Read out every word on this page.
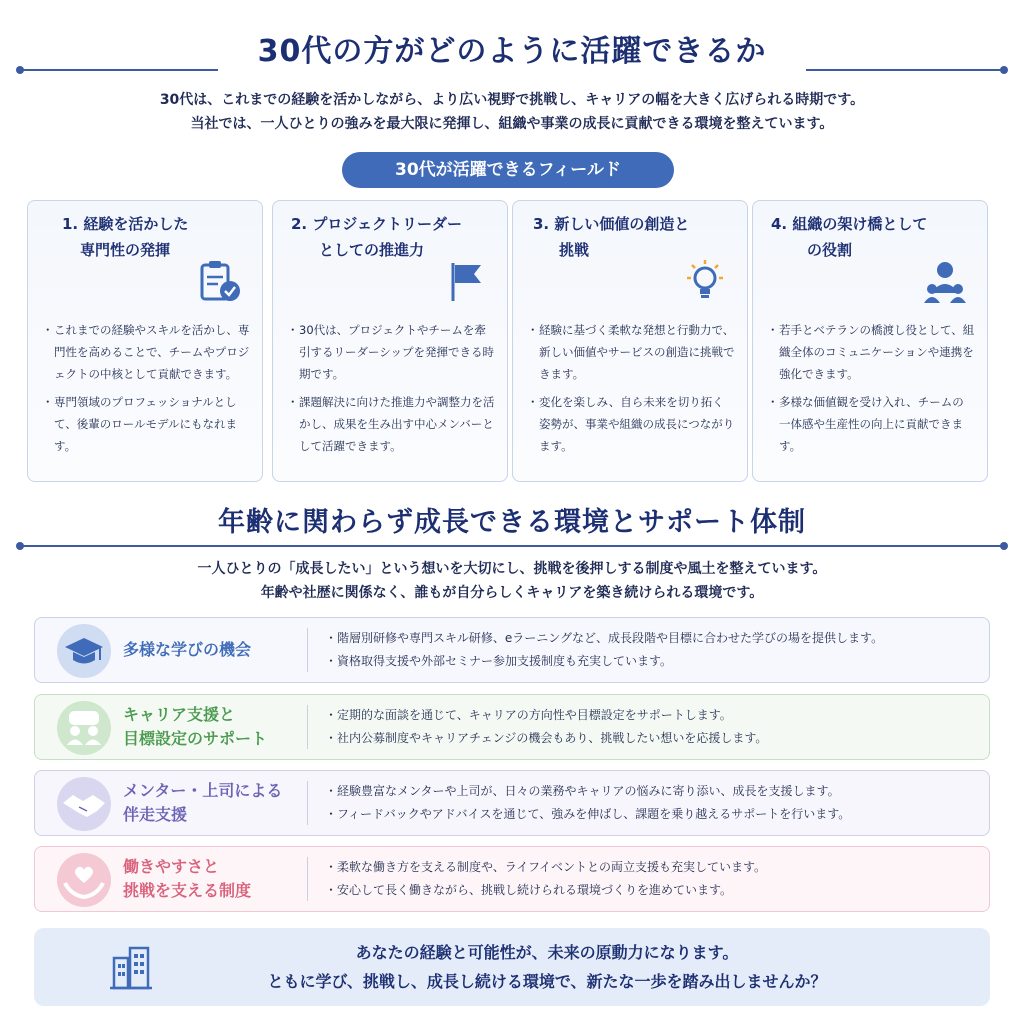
30代の方がどのように活躍できるか
30代は、これまでの経験を活かしながら、より広い視野で挑戦し、キャリアの幅を大きく広げられる時期です。
当社では、一人ひとりの強みを最大限に発揮し、組織や事業の成長に貢献できる環境を整えています。
30代が活躍できるフィールド
1. 経験を活かした
専門性の発揮
・ これまでの経験やスキルを活かし、専門性を高めることで、チームやプロジェクトの中核として貢献できます。
・ 専門領域のプロフェッショナルとして、後輩のロールモデルにもなれます。
2. プロジェクトリーダー
としての推進力
・ 30代は、プロジェクトやチームを牽引するリーダーシップを発揮できる時期です。
・ 課題解決に向けた推進力や調整力を活かし、成果を生み出す中心メンバーとして活躍できます。
3. 新しい価値の創造と
挑戦
・ 経験に基づく柔軟な発想と行動力で、新しい価値やサービスの創造に挑戦できます。
・ 変化を楽しみ、自ら未来を切り拓く姿勢が、事業や組織の成長につながります。
4. 組織の架け橋として
の役割
・ 若手とベテランの橋渡し役として、組織全体のコミュニケーションや連携を強化できます。
・ 多様な価値観を受け入れ、チームの一体感や生産性の向上に貢献できます。
年齢に関わらず成長できる環境とサポート体制
一人ひとりの「成長したい」という想いを大切にし、挑戦を後押しする制度や風土を整えています。
年齢や社歴に関係なく、誰もが自分らしくキャリアを築き続けられる環境です。
多様な学びの機会
・階層別研修や専門スキル研修、eラーニングなど、成長段階や目標に合わせた学びの場を提供します。
・資格取得支援や外部セミナー参加支援制度も充実しています。
キャリア支援と
目標設定のサポート
・定期的な面談を通じて、キャリアの方向性や目標設定をサポートします。
・社内公募制度やキャリアチェンジの機会もあり、挑戦したい想いを応援します。
メンター・上司による
伴走支援
・経験豊富なメンターや上司が、日々の業務やキャリアの悩みに寄り添い、成長を支援します。
・フィードバックやアドバイスを通じて、強みを伸ばし、課題を乗り越えるサポートを行います。
働きやすさと
挑戦を支える制度
・柔軟な働き方を支える制度や、ライフイベントとの両立支援も充実しています。
・安心して長く働きながら、挑戦し続けられる環境づくりを進めています。
あなたの経験と可能性が、未来の原動力になります。
ともに学び、挑戦し、成長し続ける環境で、新たな一歩を踏み出しませんか？
